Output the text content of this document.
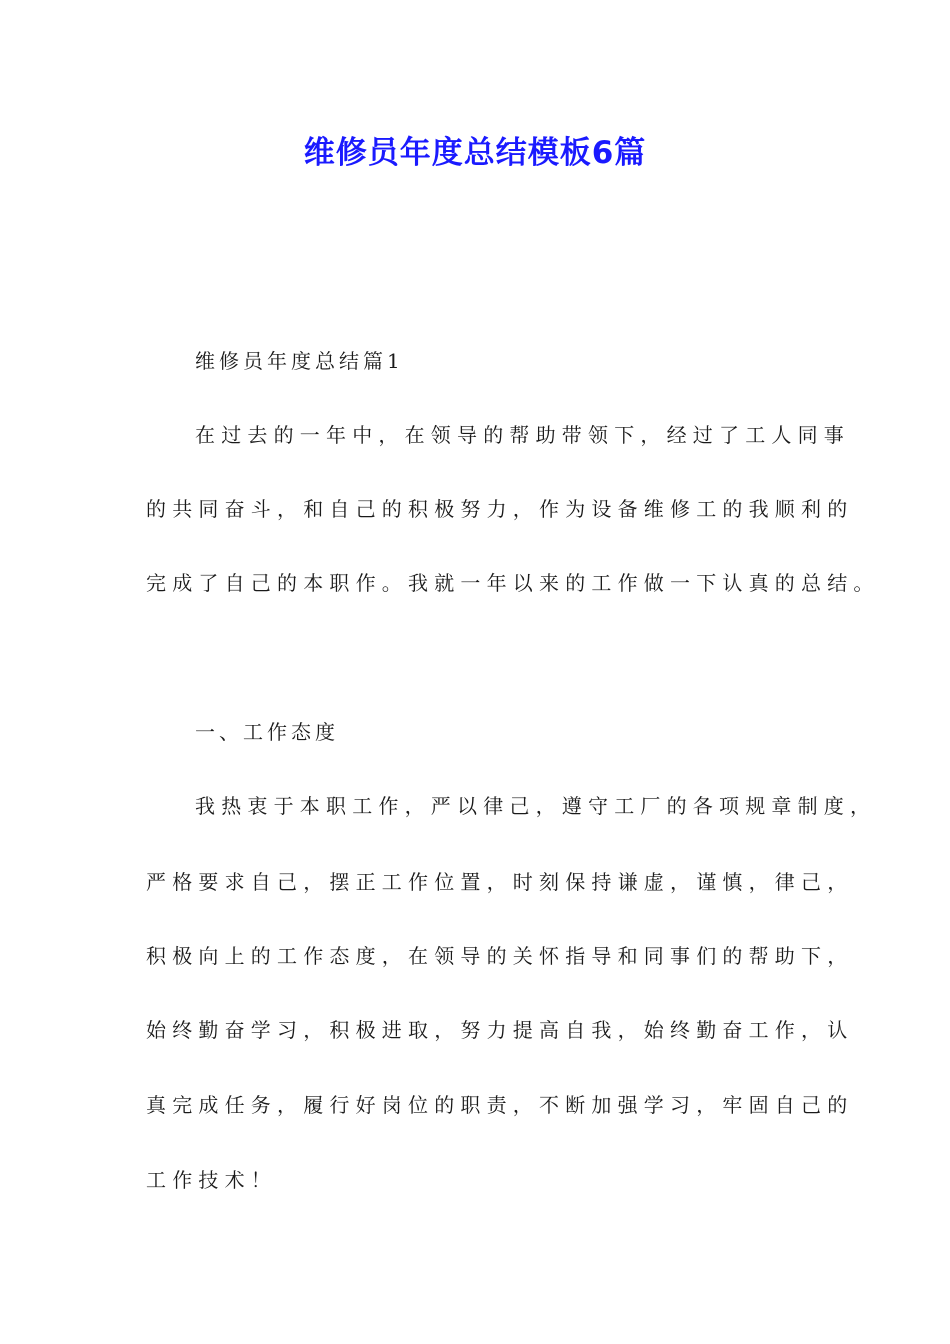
维修员年度总结模板6篇
维修员年度总结篇1
在过去的一年中，在领导的帮助带领下，经过了工人同事
的共同奋斗，和自己的积极努力，作为设备维修工的我顺利的
完成了自己的本职作。我就一年以来的工作做一下认真的总结。
一、工作态度
我热衷于本职工作，严以律己，遵守工厂的各项规章制度，
严格要求自己，摆正工作位置，时刻保持谦虚，谨慎，律己，
积极向上的工作态度，在领导的关怀指导和同事们的帮助下，
始终勤奋学习，积极进取，努力提高自我，始终勤奋工作，认
真完成任务，履行好岗位的职责，不断加强学习，牢固自己的
工作技术！
